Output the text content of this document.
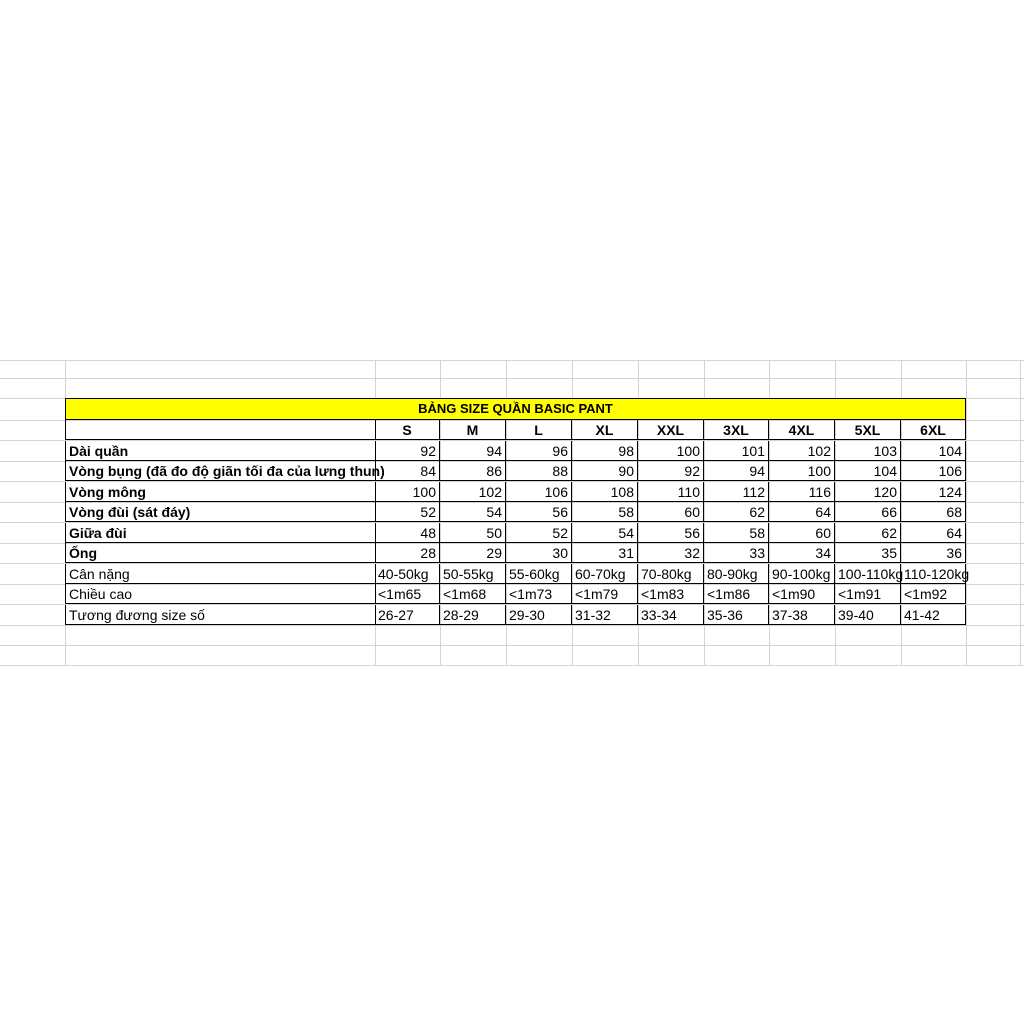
BẢNG SIZE QUẦN BASIC PANT
S	M	L	XL	XXL	3XL	4XL	5XL	6XL
Dài quần	92	94	96	98	100	101	102	103	104
Vòng bụng (đã đo độ giãn tối đa của lưng thun)	84	86	88	90	92	94	100	104	106
Vòng mông	100	102	106	108	110	112	116	120	124
Vòng đùi (sát đáy)	52	54	56	58	60	62	64	66	68
Giữa đùi	48	50	52	54	56	58	60	62	64
Ống	28	29	30	31	32	33	34	35	36
Cân nặng	40-50kg	50-55kg	55-60kg	60-70kg	70-80kg	80-90kg	90-100kg 100-110kg 110-120kg
Chiều cao	<1m65	<1m68	<1m73	<1m79	<1m83	<1m86	<1m90	<1m91	<1m92
Tương đương size số	26-27	28-29	29-30	31-32	33-34	35-36	37-38	39-40	41-42
